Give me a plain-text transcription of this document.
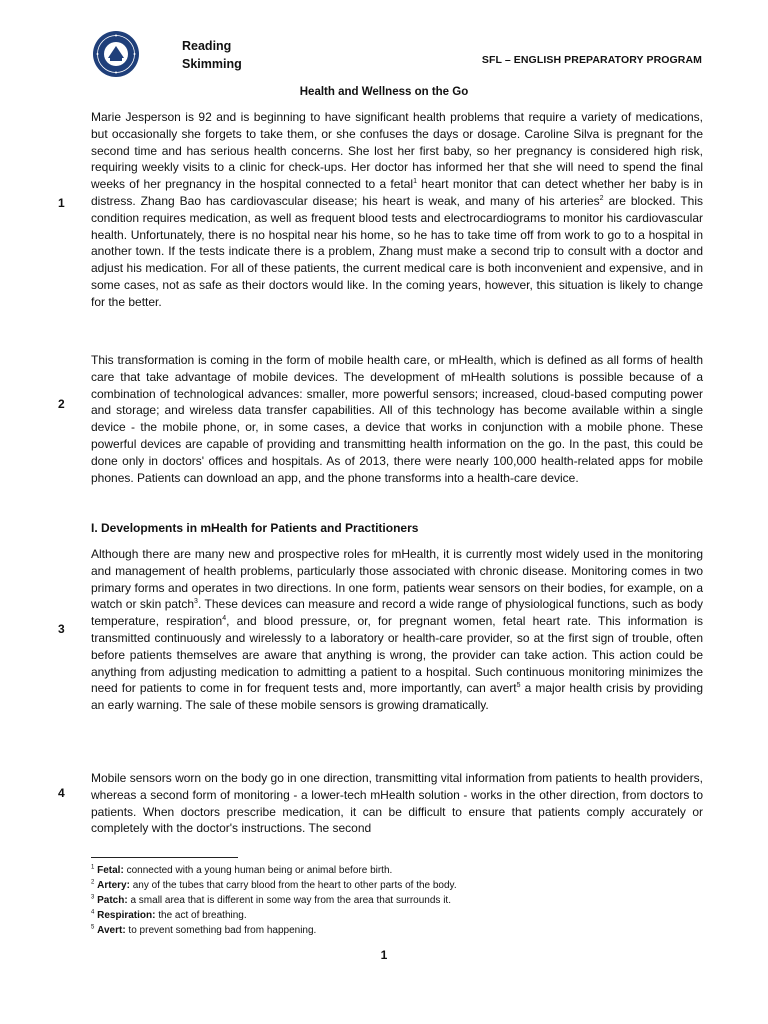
Reading
Skimming	SFL – ENGLISH PREPARATORY PROGRAM
Health and Wellness on the Go
1

Marie Jesperson is 92 and is beginning to have significant health problems that require a variety of medications, but occasionally she forgets to take them, or she confuses the days or dosage. Caroline Silva is pregnant for the second time and has serious health concerns. She lost her first baby, so her pregnancy is considered high risk, requiring weekly visits to a clinic for check-ups. Her doctor has informed her that she will need to spend the final weeks of her pregnancy in the hospital connected to a fetal$^1$ heart monitor that can detect whether her baby is in distress. Zhang Bao has cardiovascular disease; his heart is weak, and many of his arteries$^2$ are blocked. This condition requires medication, as well as frequent blood tests and electrocardiograms to monitor his cardiovascular health. Unfortunately, there is no hospital near his home, so he has to take time off from work to go to a hospital in another town. If the tests indicate there is a problem, Zhang must make a second trip to consult with a doctor and adjust his medication. For all of these patients, the current medical care is both inconvenient and expensive, and in some cases, not as safe as their doctors would like. In the coming years, however, this situation is likely to change for the better.

2

This transformation is coming in the form of mobile health care, or mHealth, which is defined as all forms of health care that take advantage of mobile devices. The development of mHealth solutions is possible because of a combination of technological advances: smaller, more powerful sensors; increased, cloud-based computing power and storage; and wireless data transfer capabilities. All of this technology has become available within a single device - the mobile phone, or, in some cases, a device that works in conjunction with a mobile phone. These powerful devices are capable of providing and transmitting health information on the go. In the past, this could be done only in doctors' offices and hospitals. As of 2013, there were nearly 100,000 health-related apps for mobile phones. Patients can download an app, and the phone transforms into a health-care device.

I. Developments in mHealth for Patients and Practitioners
3

Although there are many new and prospective roles for mHealth, it is currently most widely used in the monitoring and management of health problems, particularly those associated with chronic disease. Monitoring comes in two primary forms and operates in two directions. In one form, patients wear sensors on their bodies, for example, on a watch or skin patch$^3$. These devices can measure and record a wide range of physiological functions, such as body temperature, respiration$^4$, and blood pressure, or, for pregnant women, fetal heart rate. This information is transmitted continuously and wirelessly to a laboratory or health-care provider, so at the first sign of trouble, often before patients themselves are aware that anything is wrong, the provider can take action. This action could be anything from adjusting medication to admitting a patient to a hospital. Such continuous monitoring minimizes the need for patients to come in for frequent tests and, more importantly, can avert$^5$ a major health crisis by providing an early warning. The sale of these mobile sensors is growing dramatically.

4

Mobile sensors worn on the body go in one direction, transmitting vital information from patients to health providers, whereas a second form of monitoring - a lower-tech mHealth solution - works in the other direction, from doctors to patients. When doctors prescribe medication, it can be difficult to ensure that patients comply accurately or completely with the doctor's instructions. The second

$^1$ Fetal: connected with a young human being or animal before birth.
$^2$ Artery: any of the tubes that carry blood from the heart to other parts of the body.
$^3$ Patch: a small area that is different in some way from the area that surrounds it.
$^4$ Respiration: the act of breathing.
$^5$ Avert: to prevent something bad from happening.
1
